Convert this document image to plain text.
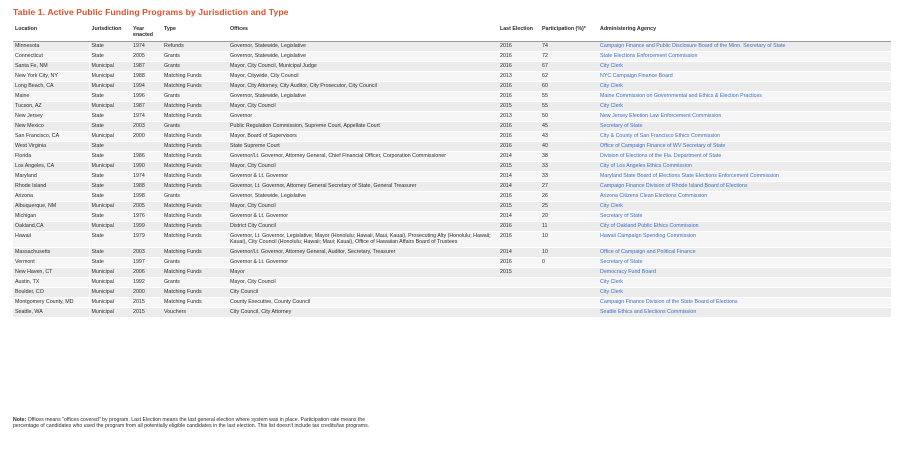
Table 1. Active Public Funding Programs by Jurisdiction and Type
Location	Jurisdiction	Year enacted	Type	Offices	Last Election	Participation (%)*	Administering Agency
Minnesota	State	1974	Refunds	Governor, Statewide, Legislative	2016	74	Campaign Finance and Public Disclosure Board of the Minn. Secretary of State
Connecticut	State	2005	Grants	Governor, Statewide, Legislative	2016	72	State Elections Enforcement Commission
Santa Fe, NM	Municipal	1987	Grants	Mayor, City Council, Municipal Judge	2016	67	City Clerk
New York City, NY	Municipal	1988	Matching Funds	Mayor, Citywide, City Council	2013	62	NYC Campaign Finance Board
Long Beach, CA	Municipal	1994	Matching Funds	Mayor, City Attorney, City Auditor, City Prosecutor, City Council	2016	60	City Clerk
Maine	State	1996	Grants	Governor, Statewide, Legislative	2016	55	Maine Commission on Governmental and Ethics & Election Practices
Tucson, AZ	Municipal	1987	Matching Funds	Mayor, City Council	2015	55	City Clerk
New Jersey	State	1974	Matching Funds	Governor	2013	50	New Jersey Election Law Enforcement Commission
New Mexico	State	2003	Grants	Public Regulation Commission, Supreme Court, Appellate Court	2016	45	Secretary of State
San Francisco, CA	Municipal	2000	Matching Funds	Mayor, Board of Supervisors	2016	43	City & County of San Francisco Ethics Commission
West Virginia	State		Matching Funds	State Supreme Court	2016	40	Office of Campaign Finance of WV Secretary of State
Florida	State	1986	Matching Funds	Governor/Lt. Governor, Attorney General, Chief Financial Officer, Corporation Commissioner	2014	38	Division of Elections of the Fla. Department of State
Los Angeles, CA	Municipal	1990	Matching Funds	Mayor, City Council	2015	33	City of Los Angeles Ethics Commission
Maryland	State	1974	Matching Funds	Governor & Lt. Governor	2014	33	Maryland State Board of Elections State Elections Enforcement Commission
Rhode Island	State	1988	Matching Funds	Governor, Lt. Governor, Attorney General Secretary of State, General Treasurer	2014	27	Campaign Finance Division of Rhode Island Board of Elections
Arizona	State	1998	Grants	Governor, Statewide, Legislative	2016	26	Arizona Citizens Clean Elections Commission
Albuquerque, NM	Municipal	2005	Matching Funds	Mayor, City Council	2015	25	City Clerk
Michigan	State	1976	Matching Funds	Governor & Lt. Governor	2014	20	Secretary of State
Oakland,CA	Municipal	1999	Matching Funds	District City Council	2016	11	City of Oakland Public Ethics Commission
Hawaii	State	1979	Matching Funds	Governor, Lt. Governor, Legislative, Mayor (Honolulu; Hawaii, Maui, Kauai), Prosecuting Alty (Honolulu; Hawaii; Kauai), City Council (Honolulu; Hawaii; Maui; Kauai), Office of Hawaiian Affairs Board of Trustees	2016	10	Hawaii Campaign Spending Commission
Massachusetts	State	2003	Matching Funds	Governor/Lt. Governor, Attorney General, Auditor, Secretary, Treasurer	2014	10	Office of Campaign and Political Finance
Vermont	State	1997	Grants	Governor & Lt. Governor	2016	0	Secretary of State
New Haven, CT	Municipal	2006	Matching Funds	Mayor	2015		Democracy Fund Board
Austin, TX	Municipal	1992	Grants	Mayor, City Council			City Clerk
Boulder, CO	Municipal	2000	Matching Funds	City Council			City Clerk
Montgomery County, MD	Municipal	2015	Matching Funds	County Executive, County Council			Campaign Finance Division of the State Board of Elections
Seattle, WA	Municipal	2015	Vouchers	City Council, City Attorney			Seattle Ethics and Elections Commission
Note: Offices means "offices covered" by program. Last Election means the last general election where system was in place. Participation rate means the percentage of candidates who used the program from all potentially eligible candidates in the last election. This list doesn't include tax credits/tax programs.
